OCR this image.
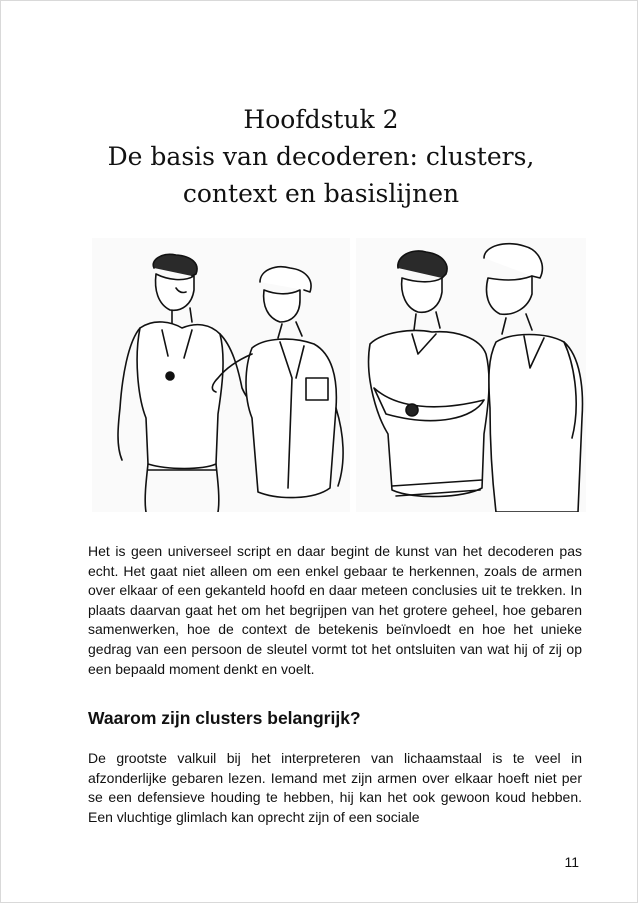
Hoofdstuk 2
De basis van decoderen: clusters,
context en basislijnen

Het is geen universeel script en daar begint de kunst van het decoderen pas echt. Het gaat niet alleen om een enkel gebaar te herkennen, zoals de armen over elkaar of een gekanteld hoofd en daar meteen conclusies uit te trekken. In plaats daarvan gaat het om het begrijpen van het grotere geheel, hoe gebaren samenwerken, hoe de context de betekenis beïnvloedt en hoe het unieke gedrag van een persoon de sleutel vormt tot het ontsluiten van wat hij of zij op een bepaald moment denkt en voelt.

Waarom zijn clusters belangrijk?

De grootste valkuil bij het interpreteren van lichaamstaal is te veel in afzonderlijke gebaren lezen. Iemand met zijn armen over elkaar hoeft niet per se een defensieve houding te hebben, hij kan het ook gewoon koud hebben. Een vluchtige glimlach kan oprecht zijn of een sociale

11
